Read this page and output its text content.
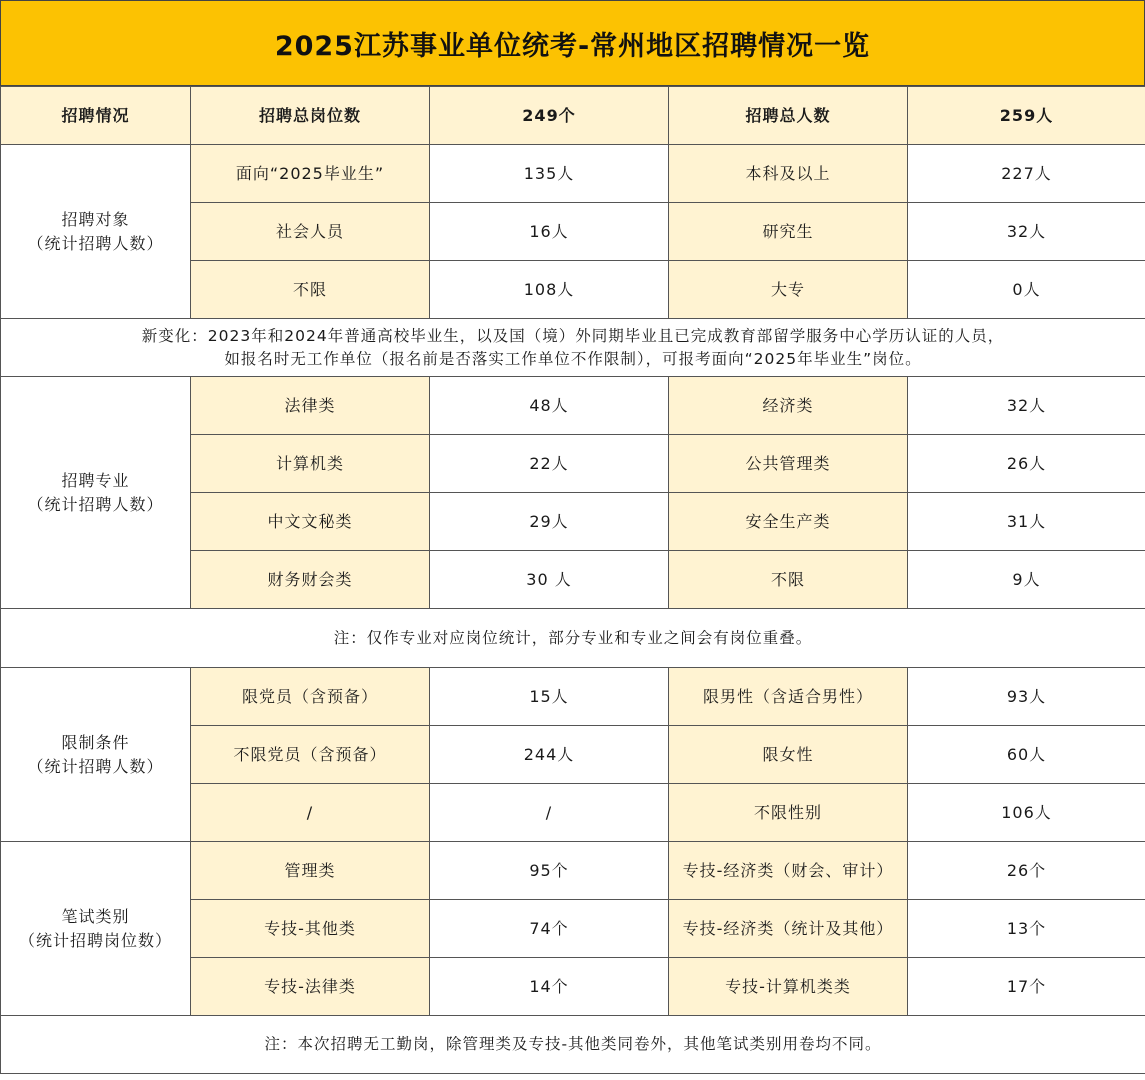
2025江苏事业单位统考-常州地区招聘情况一览
招聘情况	招聘总岗位数	249个	招聘总人数	259人

招聘对象
（统计招聘人数）	面向“2025毕业生”	135人	本科及以上	227人
	社会人员	16人	研究生	32人
	不限	108人	大专	0人

新变化：2023年和2024年普通高校毕业生，以及国（境）外同期毕业且已完成教育部留学服务中心学历认证的人员，
如报名时无工作单位（报名前是否落实工作单位不作限制），可报考面向“2025年毕业生”岗位。				

招聘专业
（统计招聘人数）	法律类	48人	经济类	32人
	计算机类	22人	公共管理类	26人
	中文文秘类	29人	安全生产类	31人
	财务财会类	30 人	不限	9人
注：仅作专业对应岗位统计，部分专业和专业之间会有岗位重叠。				

限制条件
（统计招聘人数）	限党员（含预备）	15人	限男性（含适合男性）	93人
	不限党员（含预备）	244人	限女性	60人
	/	/	不限性别	106人

笔试类别
（统计招聘岗位数）	管理类	95个	专技-经济类（财会、审计）	26个
	专技-其他类	74个	专技-经济类（统计及其他）	13个
	专技-法律类	14个	专技-计算机类类	17个
注：本次招聘无工勤岗，除管理类及专技-其他类同卷外，其他笔试类别用卷均不同。				
